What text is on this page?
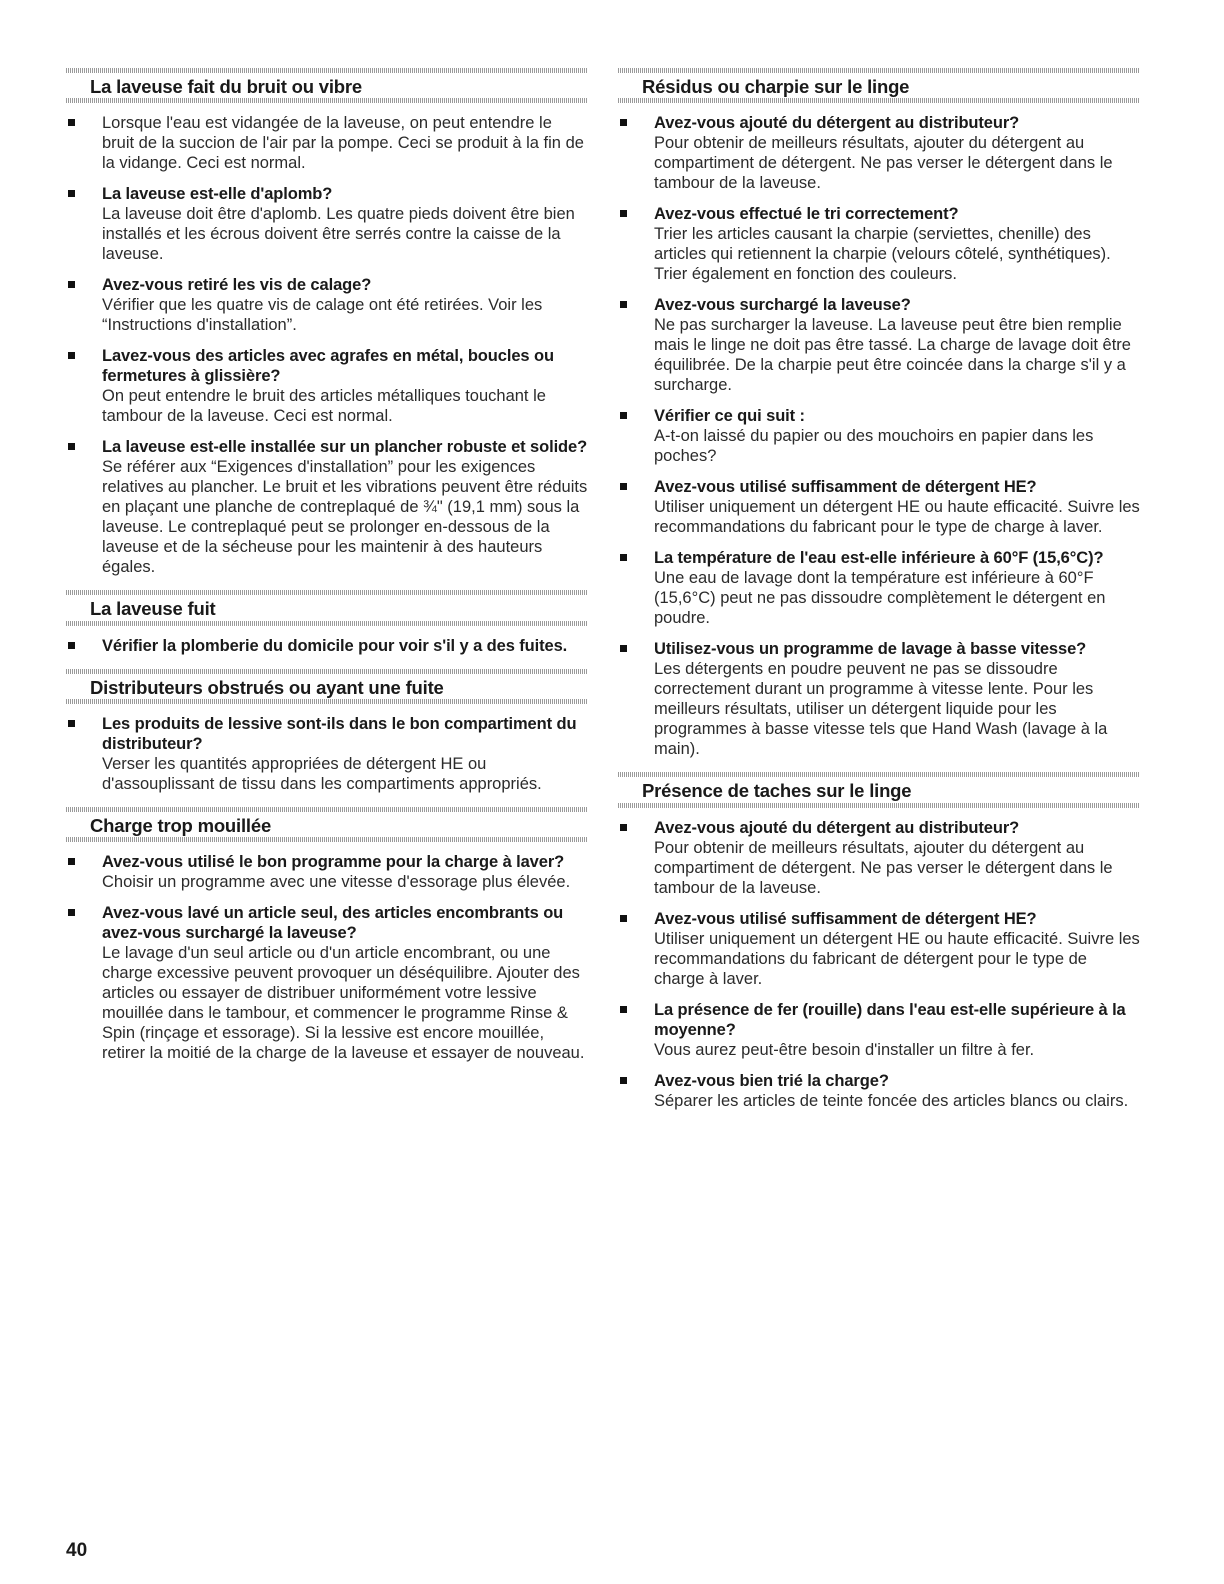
La laveuse fait du bruit ou vibre
Lorsque l'eau est vidangée de la laveuse, on peut entendre le bruit de la succion de l'air par la pompe. Ceci se produit à la fin de la vidange. Ceci est normal.
La laveuse est-elle d'aplomb?
La laveuse doit être d'aplomb. Les quatre pieds doivent être bien installés et les écrous doivent être serrés contre la caisse de la laveuse.
Avez-vous retiré les vis de calage?
Vérifier que les quatre vis de calage ont été retirées. Voir les “Instructions d'installation”.
Lavez-vous des articles avec agrafes en métal, boucles ou fermetures à glissière?
On peut entendre le bruit des articles métalliques touchant le tambour de la laveuse. Ceci est normal.
La laveuse est-elle installée sur un plancher robuste et solide?
Se référer aux “Exigences d'installation” pour les exigences relatives au plancher. Le bruit et les vibrations peuvent être réduits en plaçant une planche de contreplaqué de ¾" (19,1 mm) sous la laveuse. Le contreplaqué peut se prolonger en-dessous de la laveuse et de la sécheuse pour les maintenir à des hauteurs égales.
La laveuse fuit
Vérifier la plomberie du domicile pour voir s'il y a des fuites.
Distributeurs obstrués ou ayant une fuite
Les produits de lessive sont-ils dans le bon compartiment du distributeur?
Verser les quantités appropriées de détergent HE ou d'assouplissant de tissu dans les compartiments appropriés.
Charge trop mouillée
Avez-vous utilisé le bon programme pour la charge à laver?
Choisir un programme avec une vitesse d'essorage plus élevée.
Avez-vous lavé un article seul, des articles encombrants ou avez-vous surchargé la laveuse?
Le lavage d'un seul article ou d'un article encombrant, ou une charge excessive peuvent provoquer un déséquilibre. Ajouter des articles ou essayer de distribuer uniformément votre lessive mouillée dans le tambour, et commencer le programme Rinse & Spin (rinçage et essorage). Si la lessive est encore mouillée, retirer la moitié de la charge de la laveuse et essayer de nouveau.
Résidus ou charpie sur le linge
Avez-vous ajouté du détergent au distributeur?
Pour obtenir de meilleurs résultats, ajouter du détergent au compartiment de détergent. Ne pas verser le détergent dans le tambour de la laveuse.
Avez-vous effectué le tri correctement?
Trier les articles causant la charpie (serviettes, chenille) des articles qui retiennent la charpie (velours côtelé, synthétiques). Trier également en fonction des couleurs.
Avez-vous surchargé la laveuse?
Ne pas surcharger la laveuse. La laveuse peut être bien remplie mais le linge ne doit pas être tassé. La charge de lavage doit être équilibrée. De la charpie peut être coincée dans la charge s'il y a surcharge.
Vérifier ce qui suit :
A-t-on laissé du papier ou des mouchoirs en papier dans les poches?
Avez-vous utilisé suffisamment de détergent HE?
Utiliser uniquement un détergent HE ou haute efficacité. Suivre les recommandations du fabricant pour le type de charge à laver.
La température de l'eau est-elle inférieure à 60°F (15,6°C)?
Une eau de lavage dont la température est inférieure à 60°F (15,6°C) peut ne pas dissoudre complètement le détergent en poudre.
Utilisez-vous un programme de lavage à basse vitesse?
Les détergents en poudre peuvent ne pas se dissoudre correctement durant un programme à vitesse lente. Pour les meilleurs résultats, utiliser un détergent liquide pour les programmes à basse vitesse tels que Hand Wash (lavage à la main).
Présence de taches sur le linge
Avez-vous ajouté du détergent au distributeur?
Pour obtenir de meilleurs résultats, ajouter du détergent au compartiment de détergent. Ne pas verser le détergent dans le tambour de la laveuse.
Avez-vous utilisé suffisamment de détergent HE?
Utiliser uniquement un détergent HE ou haute efficacité. Suivre les recommandations du fabricant de détergent pour le type de charge à laver.
La présence de fer (rouille) dans l'eau est-elle supérieure à la moyenne?
Vous aurez peut-être besoin d'installer un filtre à fer.
Avez-vous bien trié la charge?
Séparer les articles de teinte foncée des articles blancs ou clairs.
40
